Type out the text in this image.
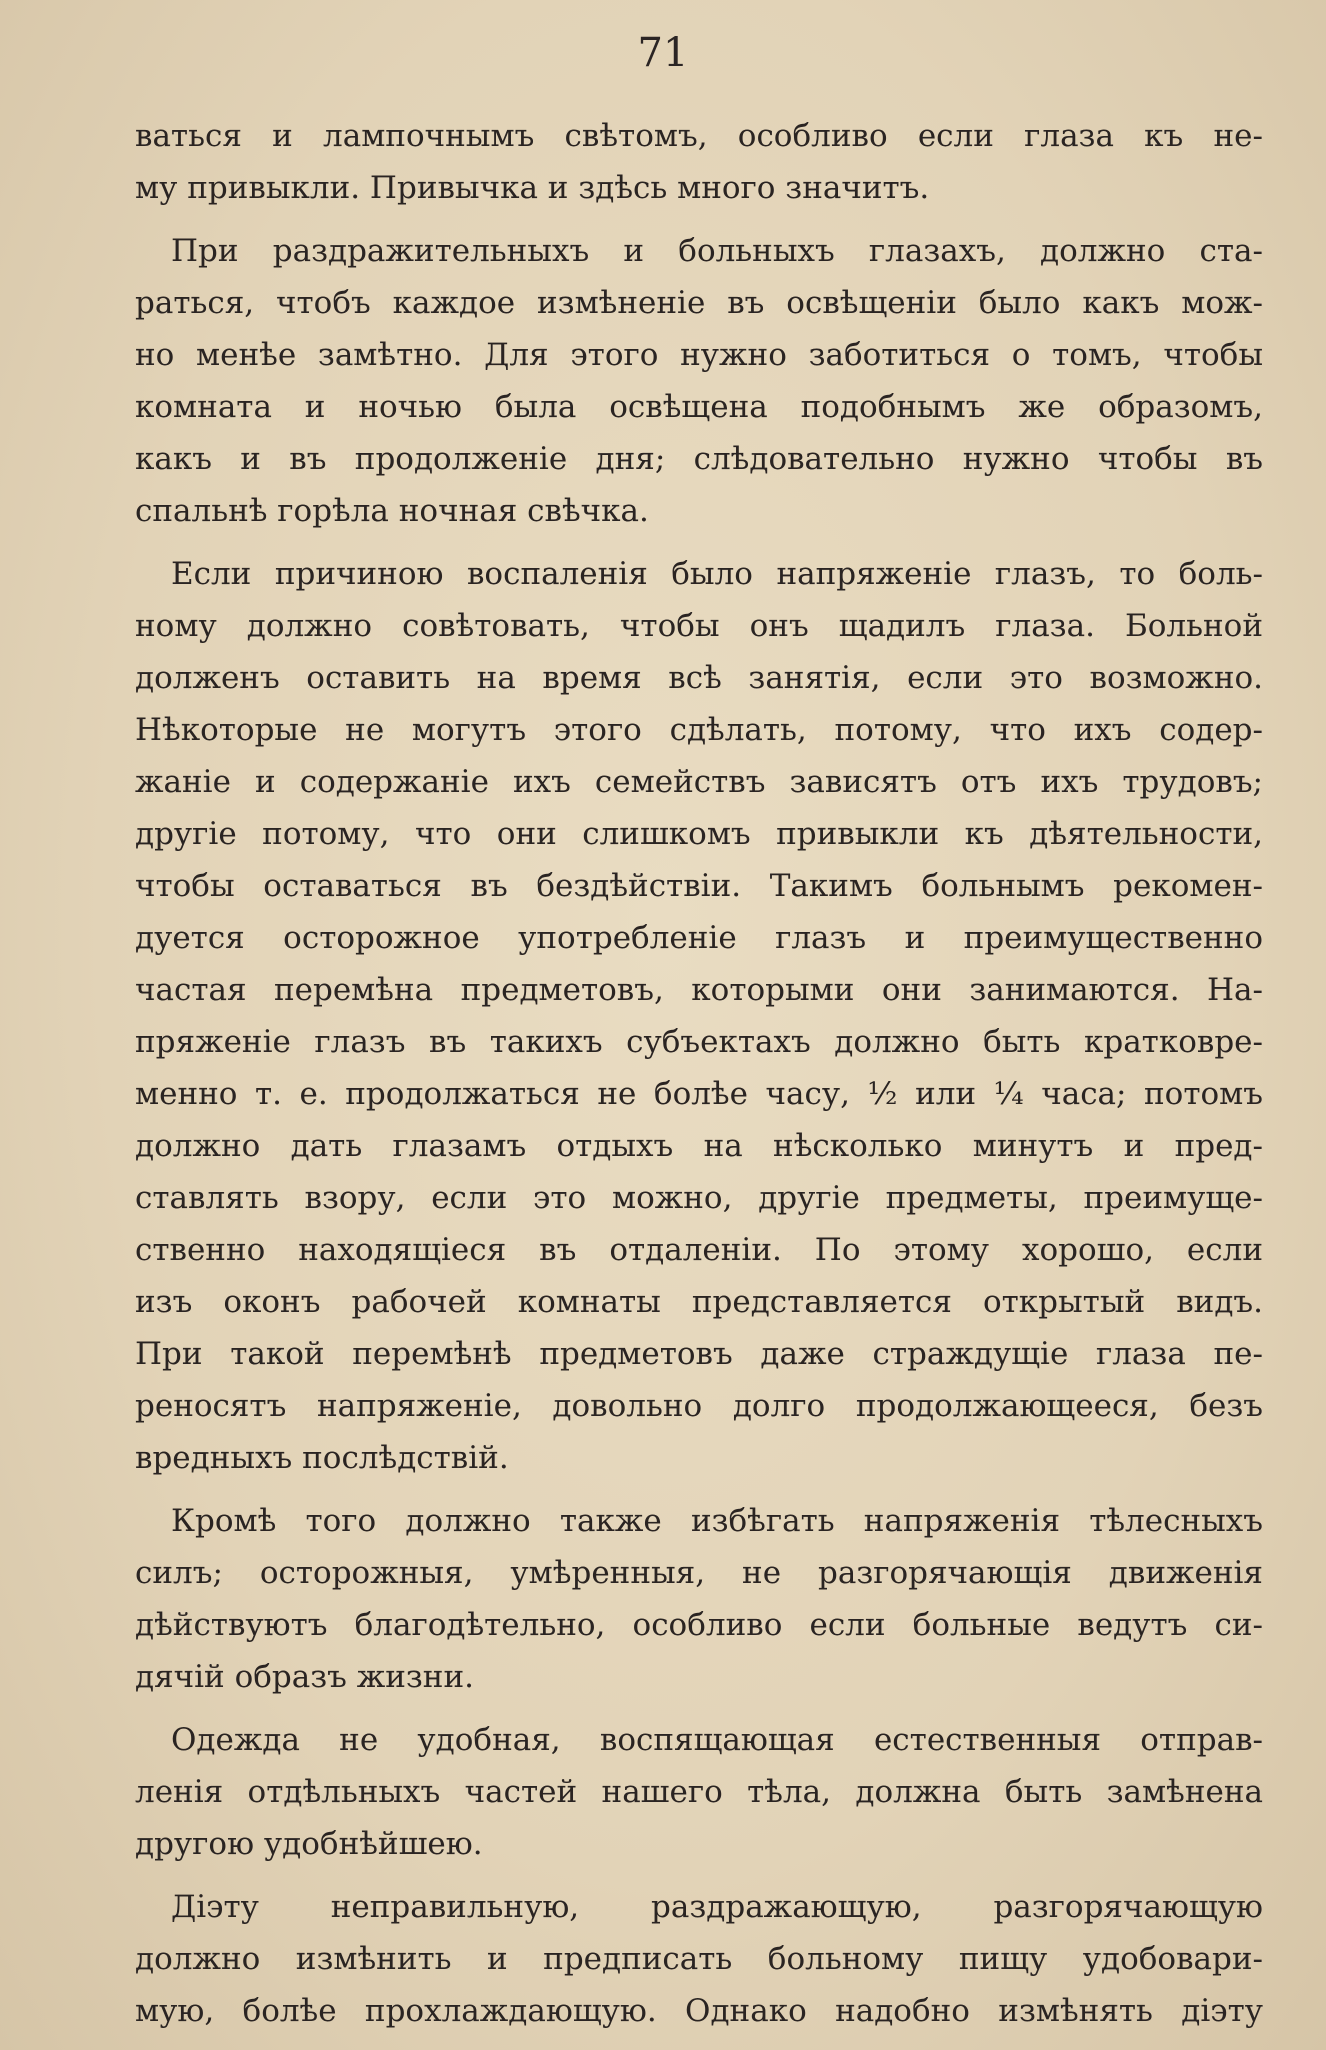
71

ваться и лампочнымъ свѣтомъ, особливо если глаза къ не-
му привыкли. Привычка и здѣсь много значитъ.

При раздражительныхъ и больныхъ глазахъ, должно ста-
раться, чтобъ каждое измѣненіе въ освѣщеніи было какъ мож-
но менѣе замѣтно. Для этого нужно заботиться о томъ, чтобы
комната и ночью была освѣщена подобнымъ же образомъ,
какъ и въ продолженіе дня; слѣдовательно нужно чтобы въ
спальнѣ горѣла ночная свѣчка.

Если причиною воспаленія было напряженіе глазъ, то боль-
ному должно совѣтовать, чтобы онъ щадилъ глаза. Больной
долженъ оставить на время всѣ занятія, если это возможно.
Нѣкоторые не могутъ этого сдѣлать, потому, что ихъ содер-
жаніе и содержаніе ихъ семействъ зависятъ отъ ихъ трудовъ;
другіе потому, что они слишкомъ привыкли къ дѣятельности,
чтобы оставаться въ бездѣйствіи. Такимъ больнымъ рекомен-
дуется осторожное употребленіе глазъ и преимущественно
частая перемѣна предметовъ, которыми они занимаются. На-
пряженіе глазъ въ такихъ субъектахъ должно быть кратковре-
менно т. е. продолжаться не болѣе часу, ½ или ¼ часа; потомъ
должно дать глазамъ отдыхъ на нѣсколько минутъ и пред-
ставлять взору, если это можно, другіе предметы, преимуще-
ственно находящіеся въ отдаленіи. По этому хорошо, если
изъ оконъ рабочей комнаты представляется открытый видъ.
При такой перемѣнѣ предметовъ даже страждущіе глаза пе-
реносятъ напряженіе, довольно долго продолжающееся, безъ
вредныхъ послѣдствій.

Кромѣ того должно также избѣгать напряженія тѣлесныхъ
силъ; осторожныя, умѣренныя, не разгорячающія движенія
дѣйствуютъ благодѣтельно, особливо если больные ведутъ си-
дячій образъ жизни.

Одежда не удобная, воспящающая естественныя отправ-
ленія отдѣльныхъ частей нашего тѣла, должна быть замѣнена
другою удобнѣйшею.

Діэту неправильную, раздражающую, разгорячающую
должно измѣнить и предписать больному пищу удобовари-
мую, болѣе прохлаждающую. Однако надобно измѣнять діэту
